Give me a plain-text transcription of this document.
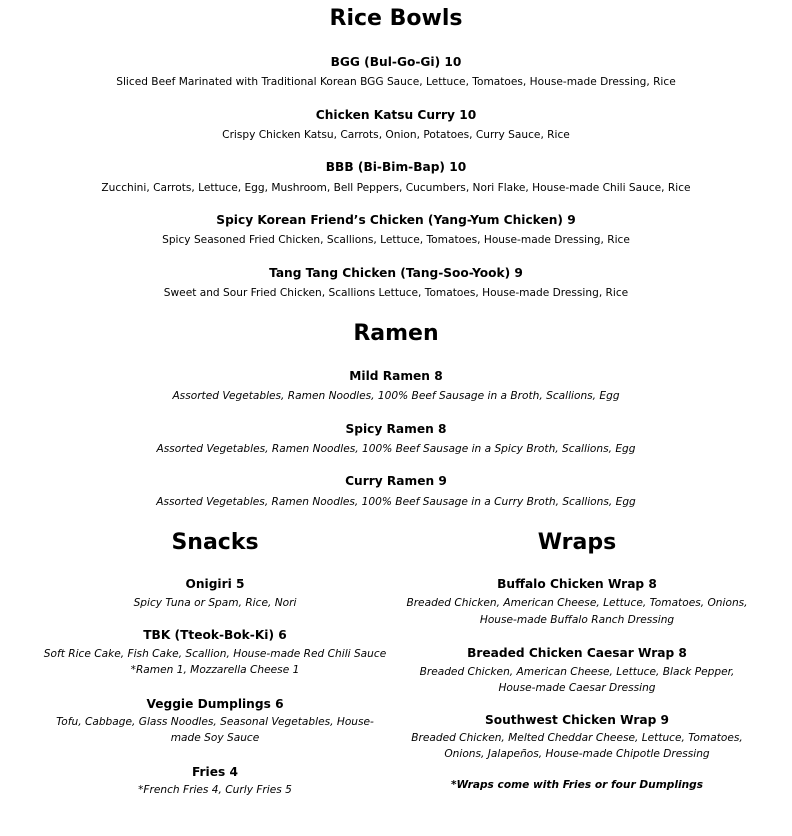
Rice Bowls
BGG (Bul-Go-Gi) 10
Sliced Beef Marinated with Traditional Korean BGG Sauce, Lettuce, Tomatoes, House-made Dressing, Rice
Chicken Katsu Curry 10
Crispy Chicken Katsu, Carrots, Onion, Potatoes, Curry Sauce, Rice
BBB (Bi-Bim-Bap) 10
Zucchini, Carrots, Lettuce, Egg, Mushroom, Bell Peppers, Cucumbers, Nori Flake, House-made Chili Sauce, Rice
Spicy Korean Friend’s Chicken (Yang-Yum Chicken) 9
Spicy Seasoned Fried Chicken, Scallions, Lettuce, Tomatoes, House-made Dressing, Rice
Tang Tang Chicken (Tang-Soo-Yook) 9
Sweet and Sour Fried Chicken, Scallions Lettuce, Tomatoes, House-made Dressing, Rice
Ramen
Mild Ramen 8
Assorted Vegetables, Ramen Noodles, 100% Beef Sausage in a Broth, Scallions, Egg
Spicy Ramen 8
Assorted Vegetables, Ramen Noodles, 100% Beef Sausage in a Spicy Broth, Scallions, Egg
Curry Ramen 9
Assorted Vegetables, Ramen Noodles, 100% Beef Sausage in a Curry Broth, Scallions, Egg
Snacks
Onigiri 5
Spicy Tuna or Spam, Rice, Nori
TBK (Tteok-Bok-Ki) 6
Soft Rice Cake, Fish Cake, Scallion, House-made Red Chili Sauce
*Ramen 1, Mozzarella Cheese 1
Veggie Dumplings 6
Tofu, Cabbage, Glass Noodles, Seasonal Vegetables, House-
made Soy Sauce
Fries 4
*French Fries 4, Curly Fries 5
Wraps
Buffalo Chicken Wrap 8
Breaded Chicken, American Cheese, Lettuce, Tomatoes, Onions,
House-made Buffalo Ranch Dressing
Breaded Chicken Caesar Wrap 8
Breaded Chicken, American Cheese, Lettuce, Black Pepper,
House-made Caesar Dressing
Southwest Chicken Wrap 9
Breaded Chicken, Melted Cheddar Cheese, Lettuce, Tomatoes,
Onions, Jalapeños, House-made Chipotle Dressing
*Wraps come with Fries or four Dumplings
